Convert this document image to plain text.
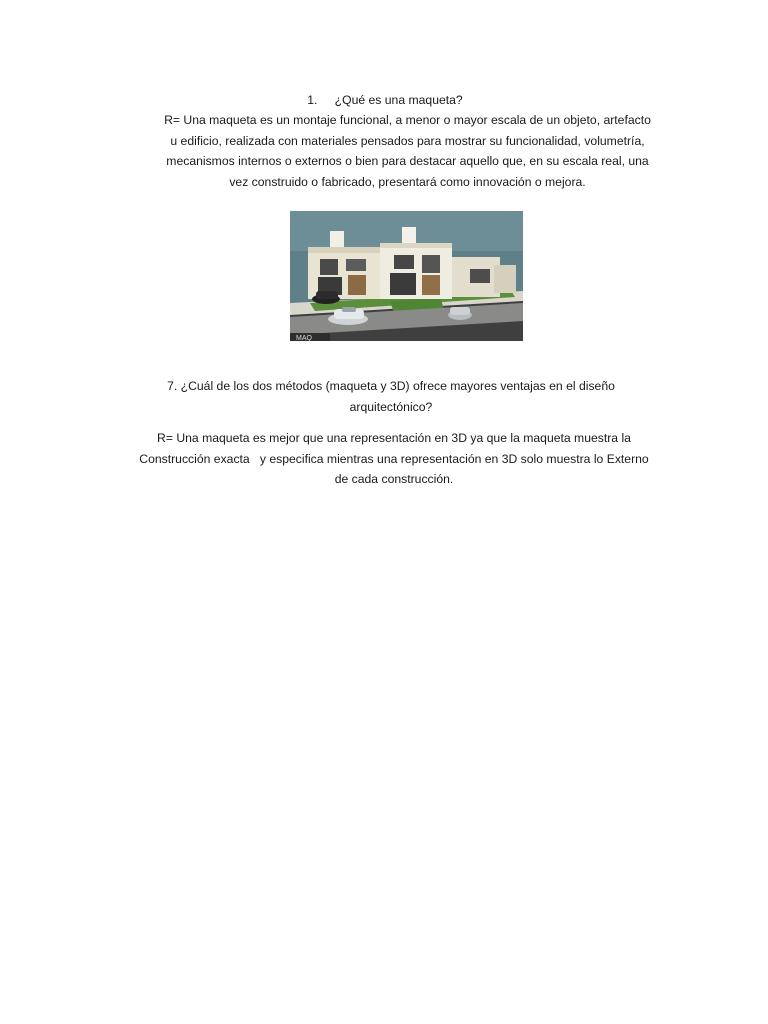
1. ¿Qué es una maqueta?
R= Una maqueta es un montaje funcional, a menor o mayor escala de un objeto, artefacto
u edificio, realizada con materiales pensados para mostrar su funcionalidad, volumetría,
mecanismos internos o externos o bien para destacar aquello que, en su escala real, una
vez construido o fabricado, presentará como innovación o mejora.
MAQ
7. ¿Cuál de los dos métodos (maqueta y 3D) ofrece mayores ventajas en el diseño
arquitectónico?
R= Una maqueta es mejor que una representación en 3D ya que la maqueta muestra la
Construcción exacta   y especifica mientras una representación en 3D solo muestra lo Externo
de cada construcción.
